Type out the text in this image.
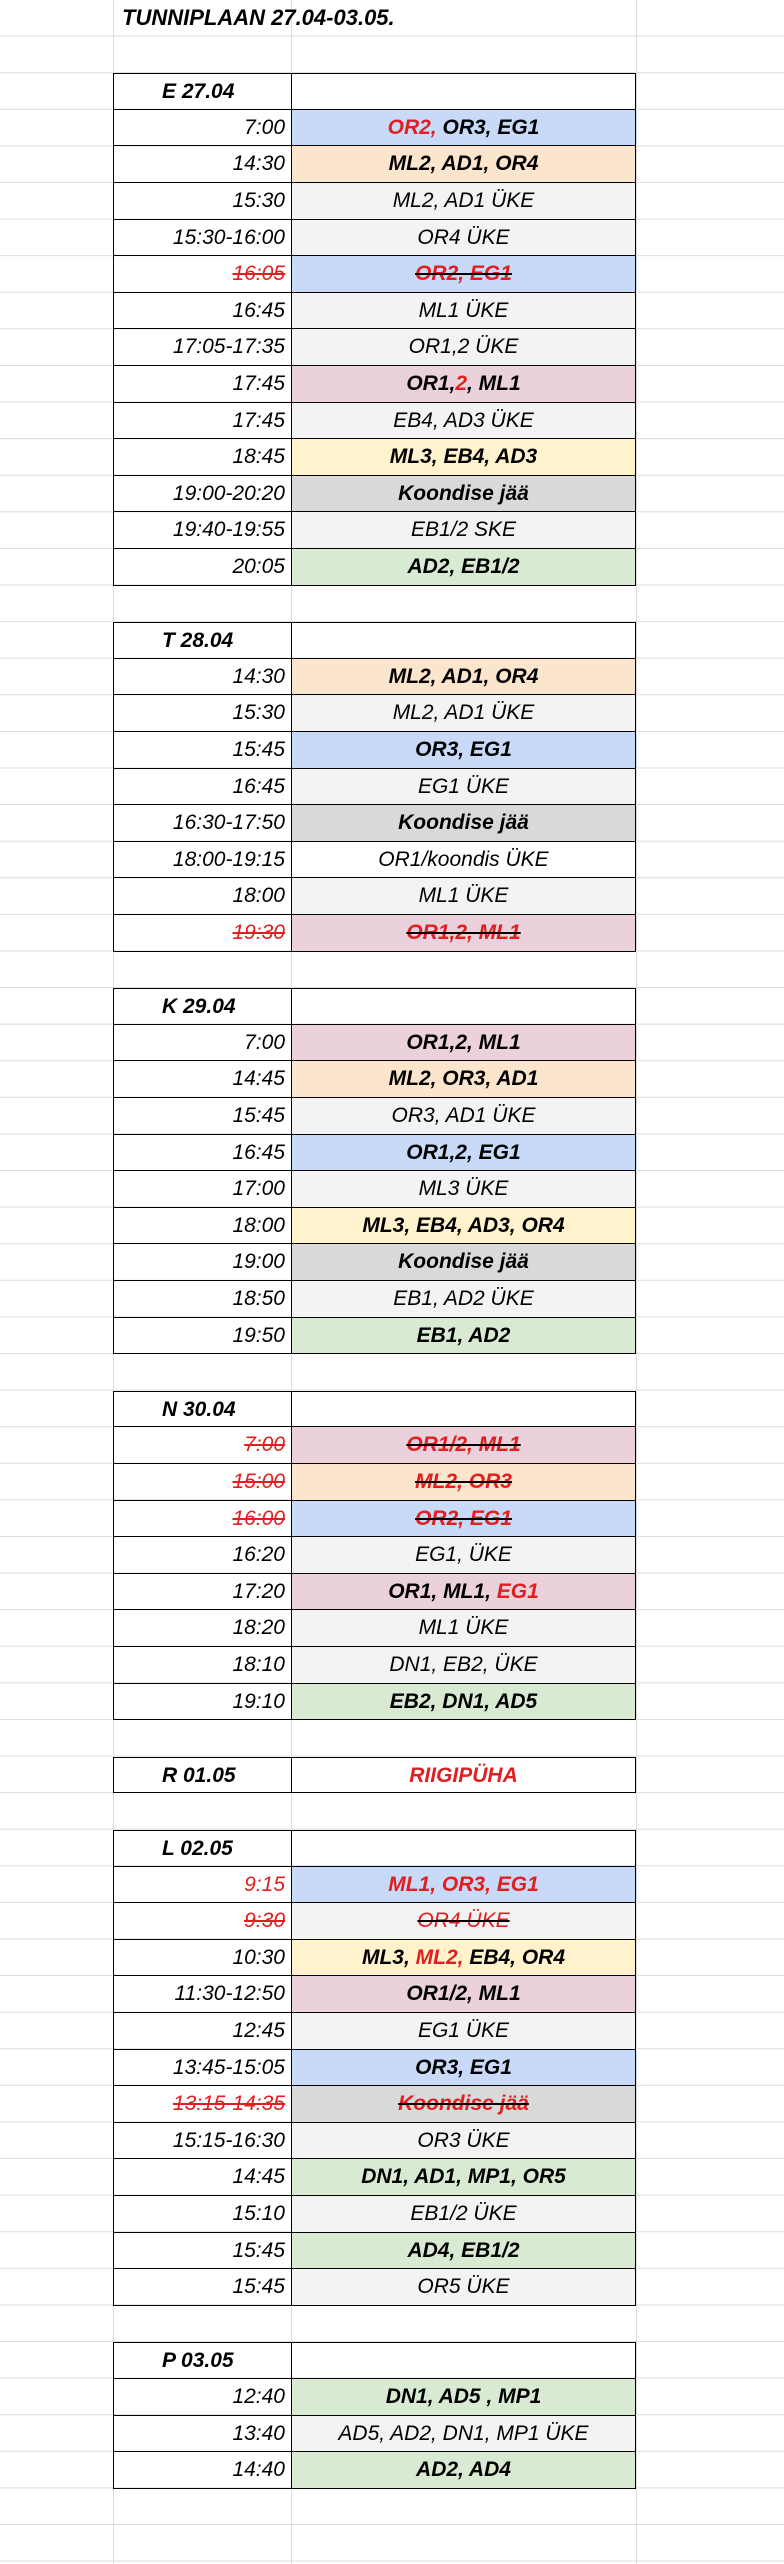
TUNNIPLAAN 27.04-03.05.
E 27.04
7:00	OR2, OR3, EG1
14:30	ML2, AD1, OR4
15:30	ML2, AD1 ÜKE
15:30-16:00	OR4 ÜKE
16:05	OR2, EG1
16:45	ML1 ÜKE
17:05-17:35	OR1,2 ÜKE
17:45	OR1,2, ML1
17:45	EB4, AD3 ÜKE
18:45	ML3, EB4, AD3
19:00-20:20	Koondise jää
19:40-19:55	EB1/2 SKE
20:05	AD2, EB1/2
T 28.04
14:30	ML2, AD1, OR4
15:30	ML2, AD1 ÜKE
15:45	OR3, EG1
16:45	EG1 ÜKE
16:30-17:50	Koondise jää
18:00-19:15	OR1/koondis ÜKE
18:00	ML1 ÜKE
19:30	OR1,2, ML1
K 29.04
7:00	OR1,2, ML1
14:45	ML2, OR3, AD1
15:45	OR3, AD1 ÜKE
16:45	OR1,2, EG1
17:00	ML3 ÜKE
18:00	ML3, EB4, AD3, OR4
19:00	Koondise jää
18:50	EB1, AD2 ÜKE
19:50	EB1, AD2
N 30.04
7:00	OR1/2, ML1
15:00	ML2, OR3
16:00	OR2, EG1
16:20	EG1, ÜKE
17:20	OR1, ML1, EG1
18:20	ML1 ÜKE
18:10	DN1, EB2, ÜKE
19:10	EB2, DN1, AD5
R 01.05	RIIGIPÜHA
L 02.05
9:15	ML1, OR3, EG1
9:30	OR4 ÜKE
10:30	ML3, ML2, EB4, OR4
11:30-12:50	OR1/2, ML1
12:45	EG1 ÜKE
13:45-15:05	OR3, EG1
13:15-14:35	Koondise jää
15:15-16:30	OR3 ÜKE
14:45	DN1, AD1, MP1, OR5
15:10	EB1/2 ÜKE
15:45	AD4, EB1/2
15:45	OR5 ÜKE
P 03.05
12:40	DN1, AD5 , MP1
13:40	AD5, AD2, DN1, MP1 ÜKE
14:40	AD2, AD4
